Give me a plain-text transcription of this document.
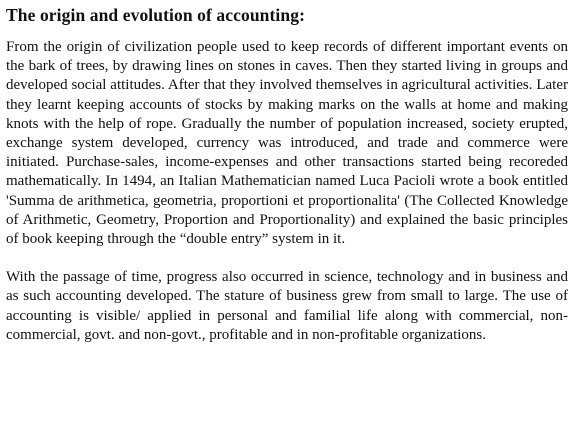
The origin and evolution of accounting:

From the origin of civilization people used to keep records of different important events on the bark of trees, by drawing lines on stones in caves. Then they started living in groups and developed social attitudes. After that they involved themselves in agricultural activities. Later they learnt keeping accounts of stocks by making marks on the walls at home and making knots with the help of rope. Gradually the number of population increased, society erupted, exchange system developed, currency was introduced, and trade and commerce were initiated. Purchase-sales, income-expenses and other transactions started being recoreded mathematically. In 1494, an Italian Mathematician named Luca Pacioli wrote a book entitled 'Summa de arithmetica, geometria, proportioni et proportionalita' (The Collected Knowledge of Arithmetic, Geometry, Proportion and Proportionality) and explained the basic principles of book keeping through the “double entry” system in it.

With the passage of time, progress also occurred in science, technology and in business and as such accounting developed. The stature of business grew from small to large. The use of accounting is visible/ applied in personal and familial life along with commercial, non-commercial, govt. and non-govt., profitable and in non-profitable organizations.
